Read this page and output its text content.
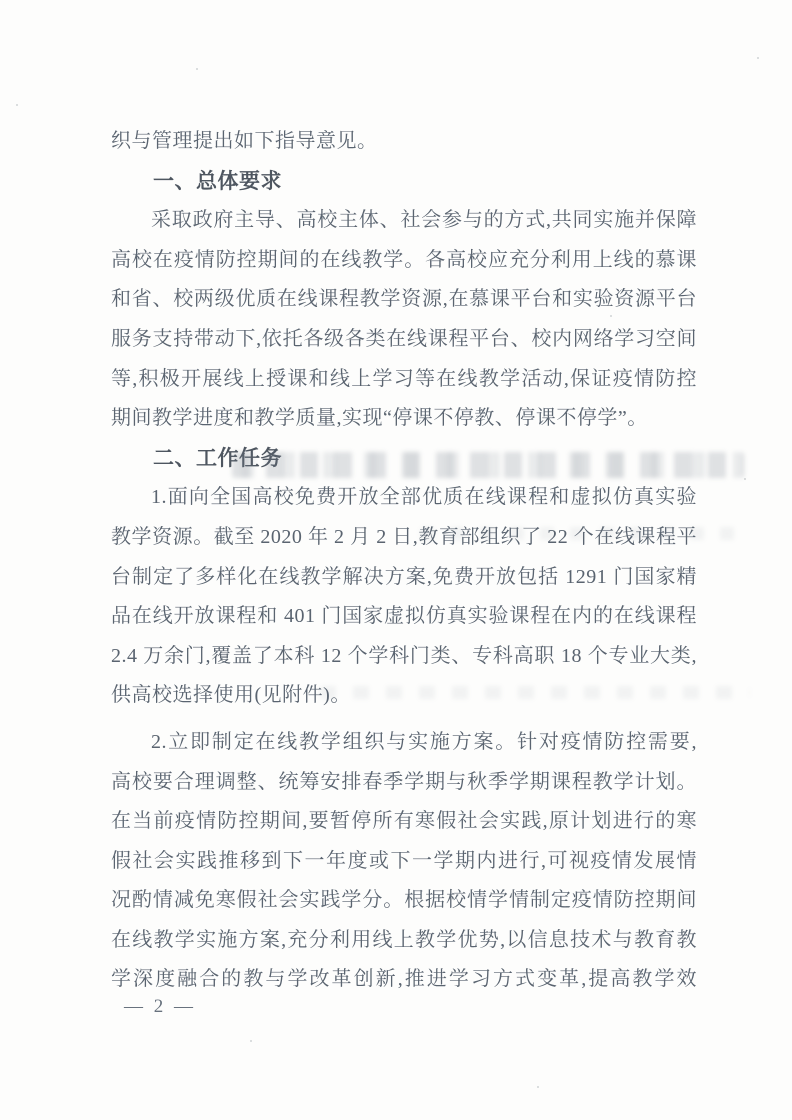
织与管理提出如下指导意见。
一、总体要求
采取政府主导、高校主体、社会参与的方式,共同实施并保障
高校在疫情防控期间的在线教学。各高校应充分利用上线的慕课
和省、校两级优质在线课程教学资源,在慕课平台和实验资源平台
服务支持带动下,依托各级各类在线课程平台、校内网络学习空间
等,积极开展线上授课和线上学习等在线教学活动,保证疫情防控
期间教学进度和教学质量,实现“停课不停教、停课不停学”。
二、工作任务
1.面向全国高校免费开放全部优质在线课程和虚拟仿真实验
教学资源。截至 2020 年 2 月 2 日,教育部组织了 22 个在线课程平
台制定了多样化在线教学解决方案,免费开放包括 1291 门国家精
品在线开放课程和 401 门国家虚拟仿真实验课程在内的在线课程
2.4 万余门,覆盖了本科 12 个学科门类、专科高职 18 个专业大类,
供高校选择使用(见附件)。
2.立即制定在线教学组织与实施方案。针对疫情防控需要,
高校要合理调整、统筹安排春季学期与秋季学期课程教学计划。
在当前疫情防控期间,要暂停所有寒假社会实践,原计划进行的寒
假社会实践推移到下一年度或下一学期内进行,可视疫情发展情
况酌情减免寒假社会实践学分。根据校情学情制定疫情防控期间
在线教学实施方案,充分利用线上教学优势,以信息技术与教育教
学深度融合的教与学改革创新,推进学习方式变革,提高教学效
— 2 —
